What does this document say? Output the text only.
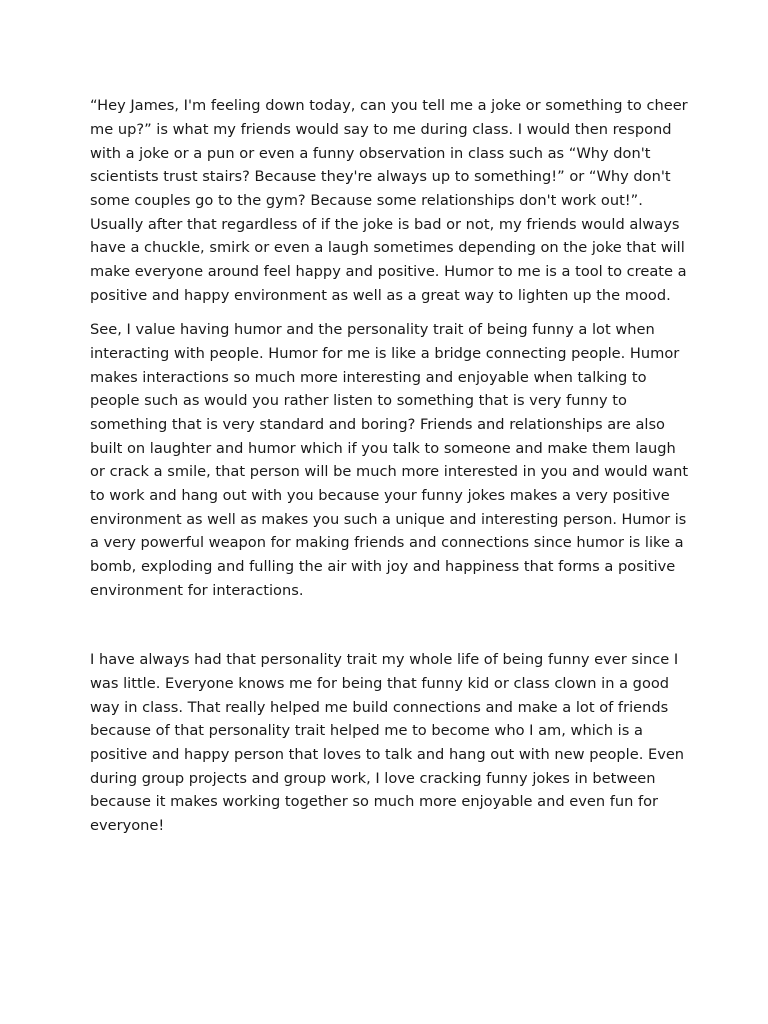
“Hey James, I'm feeling down today, can you tell me a joke or something to cheer
me up?” is what my friends would say to me during class. I would then respond
with a joke or a pun or even a funny observation in class such as “Why don't
scientists trust stairs? Because they're always up to something!” or “Why don't
some couples go to the gym? Because some relationships don't work out!”.
Usually after that regardless of if the joke is bad or not, my friends would always
have a chuckle, smirk or even a laugh sometimes depending on the joke that will
make everyone around feel happy and positive. Humor to me is a tool to create a
positive and happy environment as well as a great way to lighten up the mood.
See, I value having humor and the personality trait of being funny a lot when
interacting with people. Humor for me is like a bridge connecting people. Humor
makes interactions so much more interesting and enjoyable when talking to
people such as would you rather listen to something that is very funny to
something that is very standard and boring? Friends and relationships are also
built on laughter and humor which if you talk to someone and make them laugh
or crack a smile, that person will be much more interested in you and would want
to work and hang out with you because your funny jokes makes a very positive
environment as well as makes you such a unique and interesting person. Humor is
a very powerful weapon for making friends and connections since humor is like a
bomb, exploding and fulling the air with joy and happiness that forms a positive
environment for interactions.
I have always had that personality trait my whole life of being funny ever since I
was little. Everyone knows me for being that funny kid or class clown in a good
way in class. That really helped me build connections and make a lot of friends
because of that personality trait helped me to become who I am, which is a
positive and happy person that loves to talk and hang out with new people. Even
during group projects and group work, I love cracking funny jokes in between
because it makes working together so much more enjoyable and even fun for
everyone!
